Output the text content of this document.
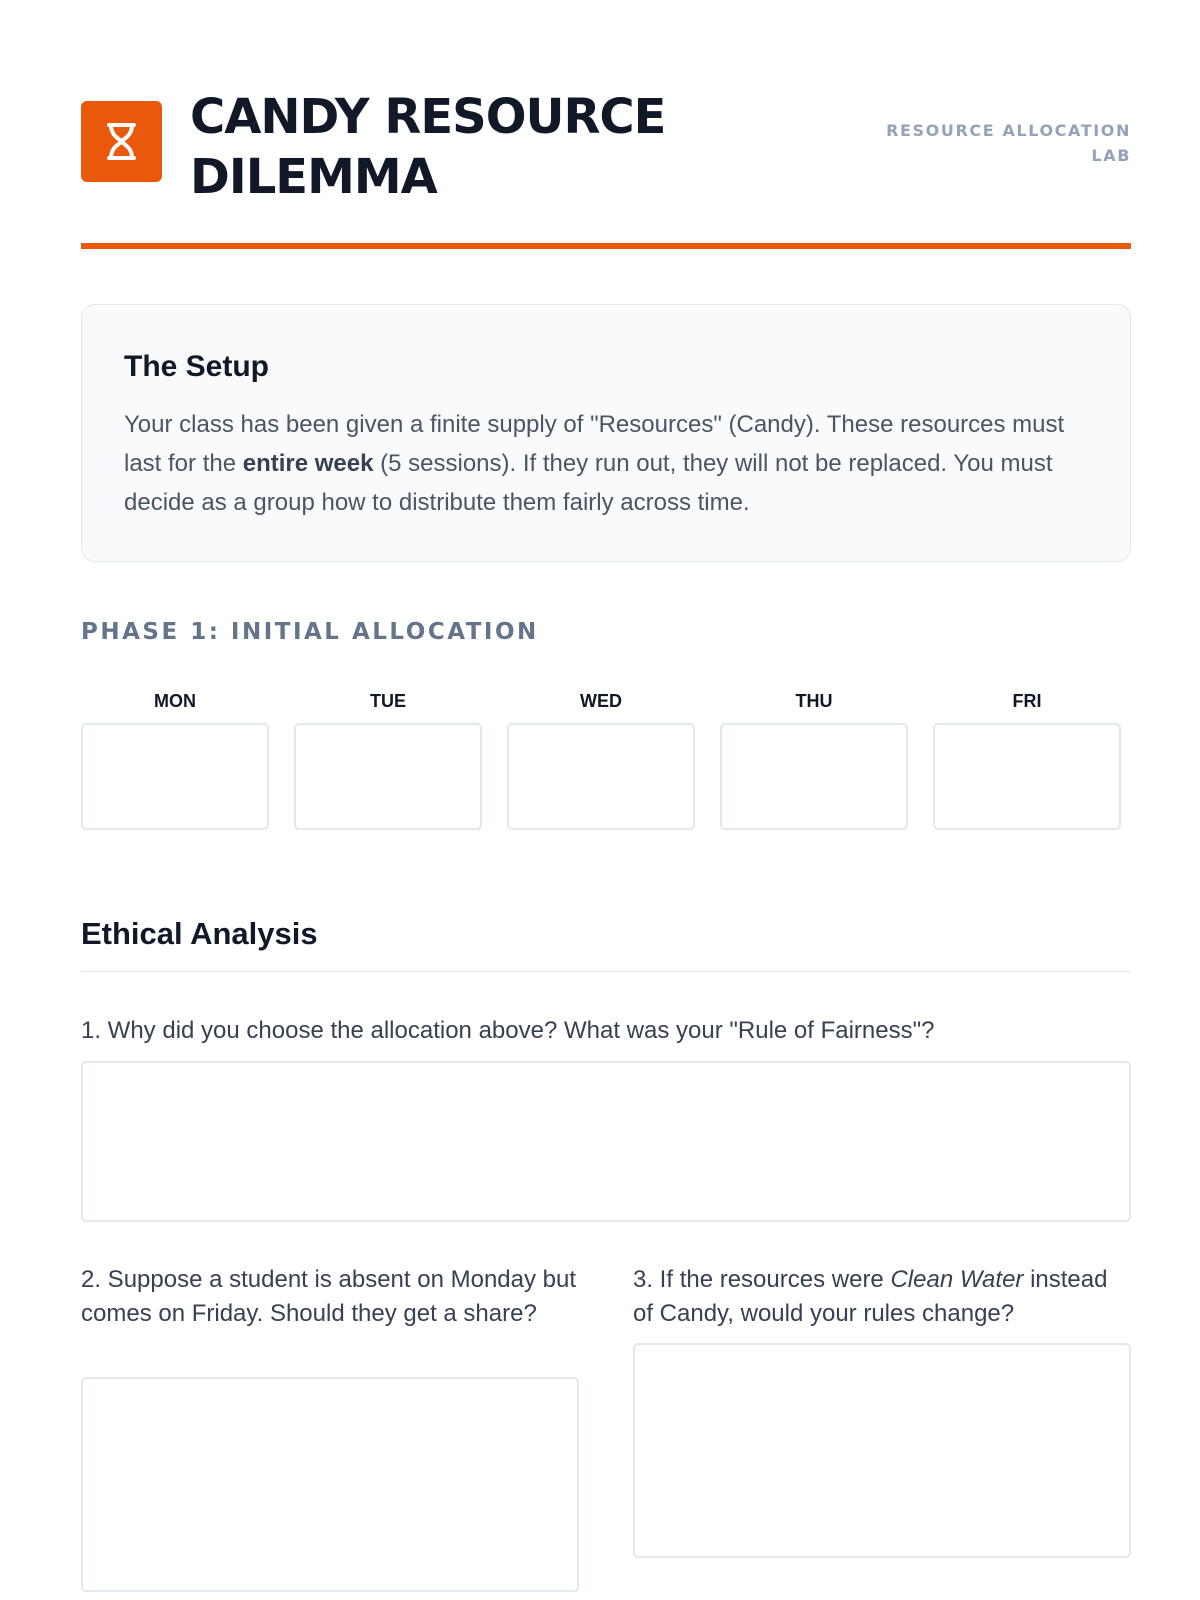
CANDY RESOURCE DILEMMA
RESOURCE ALLOCATION LAB
The Setup

Your class has been given a finite supply of "Resources" (Candy). These resources must last for the entire week (5 sessions). If they run out, they will not be replaced. You must decide as a group how to distribute them fairly across time.

PHASE 1: INITIAL ALLOCATION
MON	TUE	WED	THU	FRI
Ethical Analysis

1. Why did you choose the allocation above? What was your "Rule of Fairness"?

2. Suppose a student is absent on Monday but comes on Friday. Should they get a share?

3. If the resources were Clean Water instead of Candy, would your rules change?
